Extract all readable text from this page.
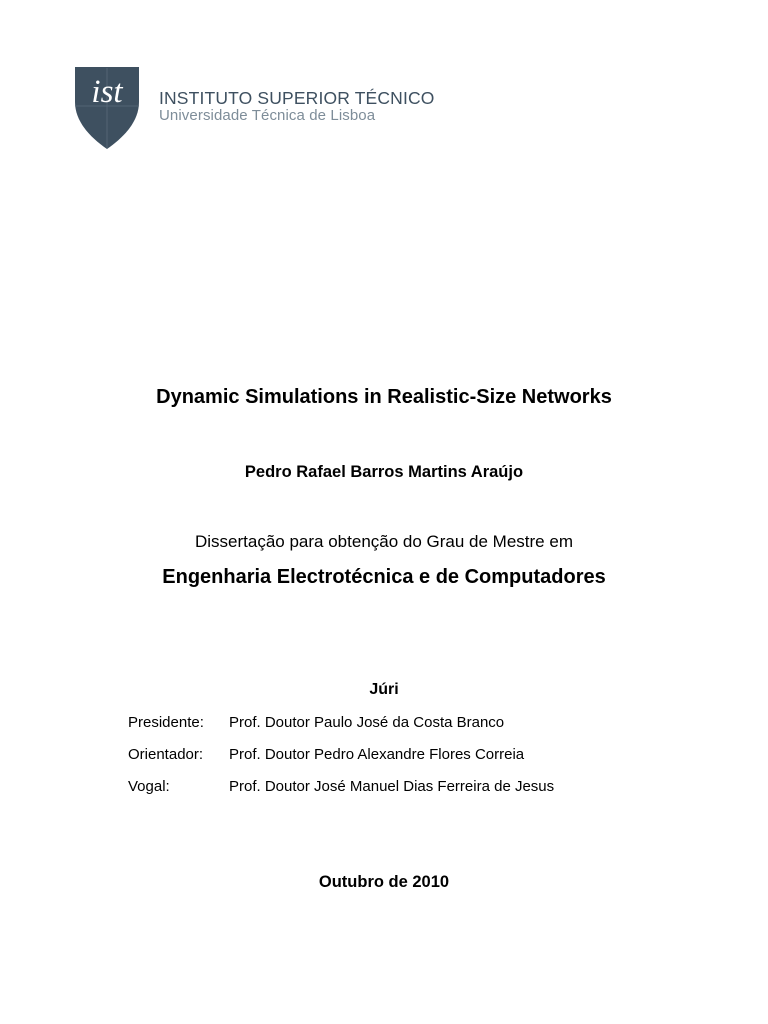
ist INSTITUTO SUPERIOR TÉCNICO
Universidade Técnica de Lisboa
Dynamic Simulations in Realistic-Size Networks
Pedro Rafael Barros Martins Araújo
Dissertação para obtenção do Grau de Mestre em
Engenharia Electrotécnica e de Computadores
Júri
Presidente: Prof. Doutor Paulo José da Costa Branco
Orientador: Prof. Doutor Pedro Alexandre Flores Correia
Vogal:	Prof. Doutor José Manuel Dias Ferreira de Jesus
Outubro de 2010
